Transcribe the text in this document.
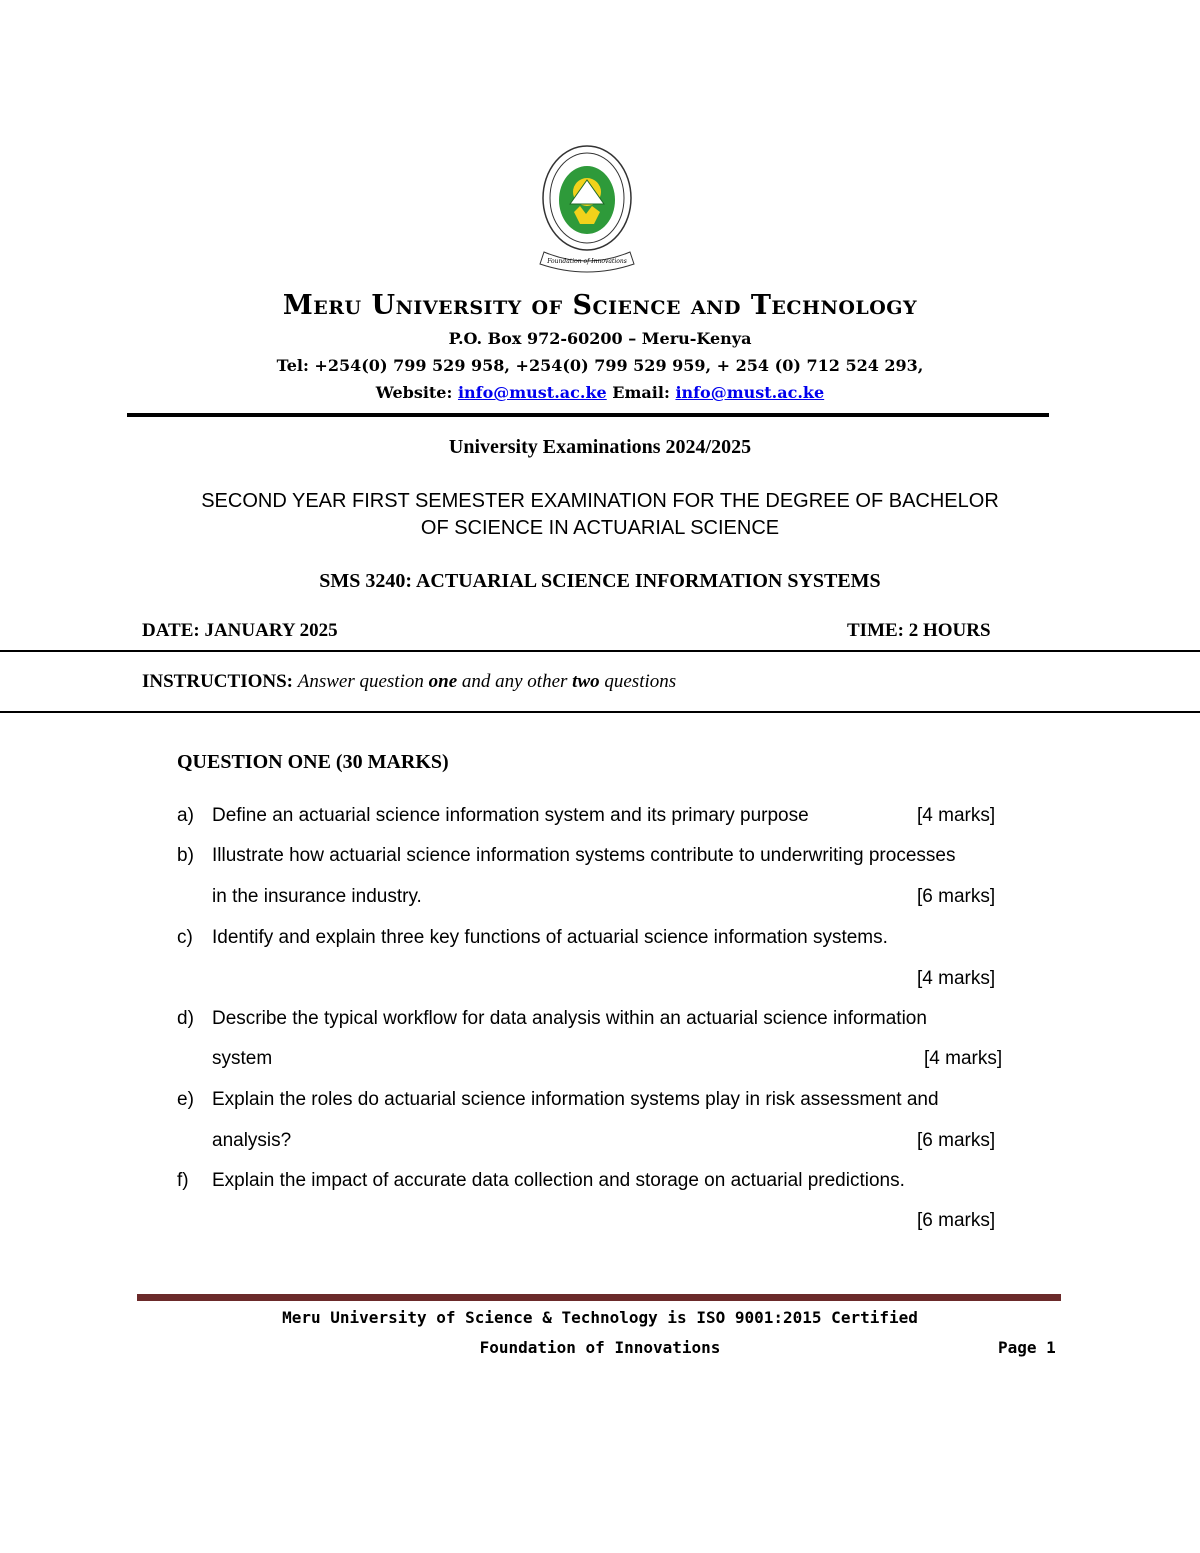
Foundation of Innovations
Meru University of Science and Technology
P.O. Box 972-60200 – Meru-Kenya
Tel: +254(0) 799 529 958, +254(0) 799 529 959, + 254 (0) 712 524 293,
Website: info@must.ac.ke Email: info@must.ac.ke
University Examinations 2024/2025
SECOND YEAR FIRST SEMESTER EXAMINATION FOR THE DEGREE OF BACHELOR
OF SCIENCE IN ACTUARIAL SCIENCE
SMS 3240: ACTUARIAL SCIENCE INFORMATION SYSTEMS
DATE: JANUARY 2025	TIME: 2 HOURS
INSTRUCTIONS: Answer question one and any other two questions
QUESTION ONE (30 MARKS)
a) Define an actuarial science information system and its primary purpose	[4 marks]
b) Illustrate how actuarial science information systems contribute to underwriting processes
in the insurance industry.	[6 marks]
c) Identify and explain three key functions of actuarial science information systems.
[4 marks]
d) Describe the typical workflow for data analysis within an actuarial science information
system	[4 marks]
e) Explain the roles do actuarial science information systems play in risk assessment and
analysis?	[6 marks]
f) Explain the impact of accurate data collection and storage on actuarial predictions.
[6 marks]
Meru University of Science & Technology is ISO 9001:2015 Certified
Foundation of Innovations	Page 1
